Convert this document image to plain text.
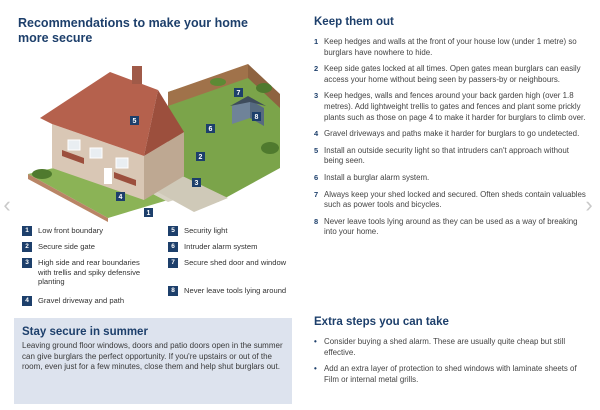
Recommendations to make your home more secure
1
2
3
4
5
6
7
8
1	Low front boundary
2	Secure side gate
3	High side and rear boundaries with trellis and spiky defensive planting
4	Gravel driveway and path
5	Security light
6	Intruder alarm system
7	Secure shed door and window
8	Never leave tools lying around
Stay secure in summer
Leaving ground floor windows, doors and patio doors open in the summer can give burglars the perfect opportunity. If you're upstairs or out of the room, even just for a few minutes, close them and help shut burglars out.
Keep them out
1 Keep hedges and walls at the front of your house low (under 1 metre) so burglars have nowhere to hide.
2 Keep side gates locked at all times. Open gates mean burglars can easily access your home without being seen by passers-by or neighbours.
3 Keep hedges, walls and fences around your back garden high (over 1.8 metres). Add lightweight trellis to gates and fences and plant some prickly plants such as those on page 4 to make it harder for burglars to climb over.
4 Gravel driveways and paths make it harder for burglars to go undetected.
5 Install an outside security light so that intruders can't approach without being seen.
6 Install a burglar alarm system.
7 Always keep your shed locked and secured. Often sheds contain valuables such as power tools and bicycles.
8 Never leave tools lying around as they can be used as a way of breaking into your home.
Extra steps you can take
• Consider buying a shed alarm. These are usually quite cheap but still effective.
• Add an extra layer of protection to shed windows with laminate sheets of Film or internal metal grills.
‹	›
